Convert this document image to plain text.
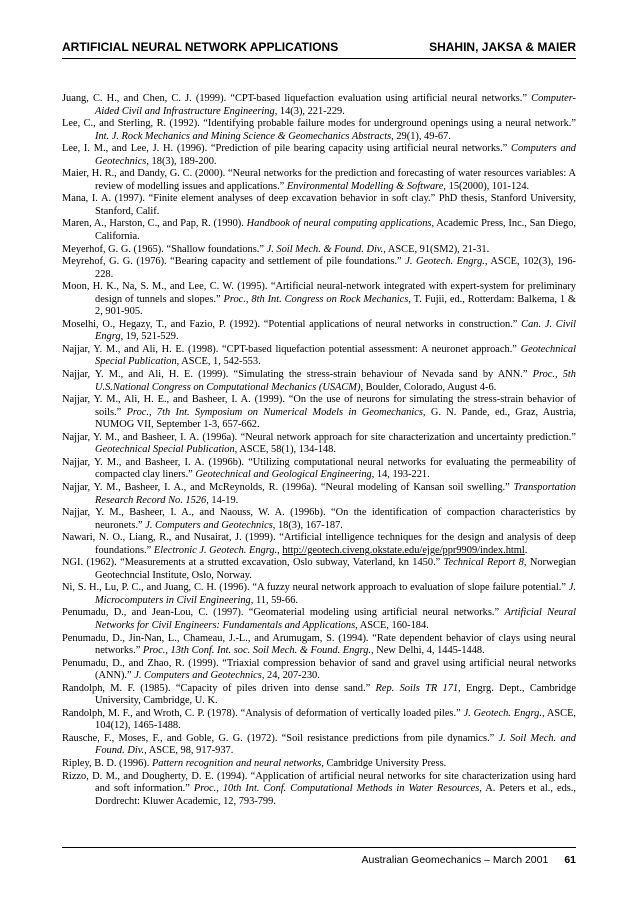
ARTIFICIAL NEURAL NETWORK APPLICATIONS	SHAHIN, JAKSA & MAIER

Juang, C. H., and Chen, C. J. (1999). “CPT-based liquefaction evaluation using artificial neural networks.” Computer-Aided Civil and Infrastructure Engineering, 14(3), 221-229.

Lee, C., and Sterling, R. (1992). “Identifying probable failure modes for underground openings using a neural network.” Int. J. Rock Mechanics and Mining Science & Geomechanics Abstracts, 29(1), 49-67.

Lee, I. M., and Lee, J. H. (1996). “Prediction of pile bearing capacity using artificial neural networks.” Computers and Geotechnics, 18(3), 189-200.

Maier, H. R., and Dandy, G. C. (2000). “Neural networks for the prediction and forecasting of water resources variables: A review of modelling issues and applications.” Environmental Modelling & Software, 15(2000), 101-124.

Mana, I. A. (1997). “Finite element analyses of deep excavation behavior in soft clay.” PhD thesis, Stanford University, Stanford, Calif.

Maren, A., Harston, C., and Pap, R. (1990). Handbook of neural computing applications, Academic Press, Inc., San Diego, California.

Meyerhof, G. G. (1965). “Shallow foundations.” J. Soil Mech. & Found. Div., ASCE, 91(SM2), 21-31.

Meyrehof, G. G. (1976). “Bearing capacity and settlement of pile foundations.” J. Geotech. Engrg., ASCE, 102(3), 196-228.

Moon, H. K., Na, S. M., and Lee, C. W. (1995). “Artificial neural-network integrated with expert-system for preliminary design of tunnels and slopes.” Proc., 8th Int. Congress on Rock Mechanics, T. Fujii, ed., Rotterdam: Balkema, 1 & 2, 901-905.

Moselhi, O., Hegazy, T., and Fazio, P. (1992). “Potential applications of neural networks in construction.” Can. J. Civil Engrg, 19, 521-529.

Najjar, Y. M., and Ali, H. E. (1998). “CPT-based liquefaction potential assessment: A neuronet approach.” Geotechnical Special Publication, ASCE, 1, 542-553.

Najjar, Y. M., and Ali, H. E. (1999). “Simulating the stress-strain behaviour of Nevada sand by ANN.” Proc., 5th U.S.National Congress on Computational Mechanics (USACM), Boulder, Colorado, August 4-6.

Najjar, Y. M., Ali, H. E., and Basheer, I. A. (1999). “On the use of neurons for simulating the stress-strain behavior of soils.” Proc., 7th Int. Symposium on Numerical Models in Geomechanics, G. N. Pande, ed., Graz, Austria, NUMOG VII, September 1-3, 657-662.

Najjar, Y. M., and Basheer, I. A. (1996a). “Neural network approach for site characterization and uncertainty prediction.” Geotechnical Special Publication, ASCE, 58(1), 134-148.

Najjar, Y. M., and Basheer, I. A. (1996b). “Utilizing computational neural networks for evaluating the permeability of compacted clay liners.” Geotechnical and Geological Engineering, 14, 193-221.

Najjar, Y. M., Basheer, I. A., and McReynolds, R. (1996a). “Neural modeling of Kansan soil swelling.” Transportation Research Record No. 1526, 14-19.

Najjar, Y. M., Basheer, I. A., and Naouss, W. A. (1996b). “On the identification of compaction characteristics by neuronets.” J. Computers and Geotechnics, 18(3), 167-187.

Nawari, N. O., Liang, R., and Nusairat, J. (1999). “Artificial intelligence techniques for the design and analysis of deep foundations.” Electronic J. Geotech. Engrg., http://geotech.civeng.okstate.edu/ejge/ppr9909/index.html.

NGI. (1962). “Measurements at a strutted excavation, Oslo subway, Vaterland, kn 1450.” Technical Report 8, Norwegian Geotechncial Institute, Oslo, Norway.

Ni, S. H., Lu, P. C., and Juang, C. H. (1996). “A fuzzy neural network approach to evaluation of slope failure potential.” J. Microcomputers in Civil Engineering, 11, 59-66.

Penumadu, D., and Jean-Lou, C. (1997). “Geomaterial modeling using artificial neural networks.” Artificial Neural Networks for Civil Engineers: Fundamentals and Applications, ASCE, 160-184.

Penumadu, D., Jin-Nan, L., Chameau, J.-L., and Arumugam, S. (1994). “Rate dependent behavior of clays using neural networks.” Proc., 13th Conf. Int. soc. Soil Mech. & Found. Engrg., New Delhi, 4, 1445-1448.

Penumadu, D., and Zhao, R. (1999). “Triaxial compression behavior of sand and gravel using artificial neural networks (ANN).” J. Computers and Geotechnics, 24, 207-230.

Randolph, M. F. (1985). “Capacity of piles driven into dense sand.” Rep. Soils TR 171, Engrg. Dept., Cambridge University, Cambridge, U. K.

Randolph, M. F., and Wroth, C. P. (1978). “Analysis of deformation of vertically loaded piles.” J. Geotech. Engrg., ASCE, 104(12), 1465-1488.

Rausche, F., Moses, F., and Goble, G. G. (1972). “Soil resistance predictions from pile dynamics.” J. Soil Mech. and Found. Div., ASCE, 98, 917-937.

Ripley, B. D. (1996). Pattern recognition and neural networks, Cambridge University Press.

Rizzo, D. M., and Dougherty, D. E. (1994). “Application of artificial neural networks for site characterization using hard and soft information.” Proc., 10th Int. Conf. Computational Methods in Water Resources, A. Peters et al., eds., Dordrecht: Kluwer Academic, 12, 793-799.

Australian Geomechanics – March 2001 61
